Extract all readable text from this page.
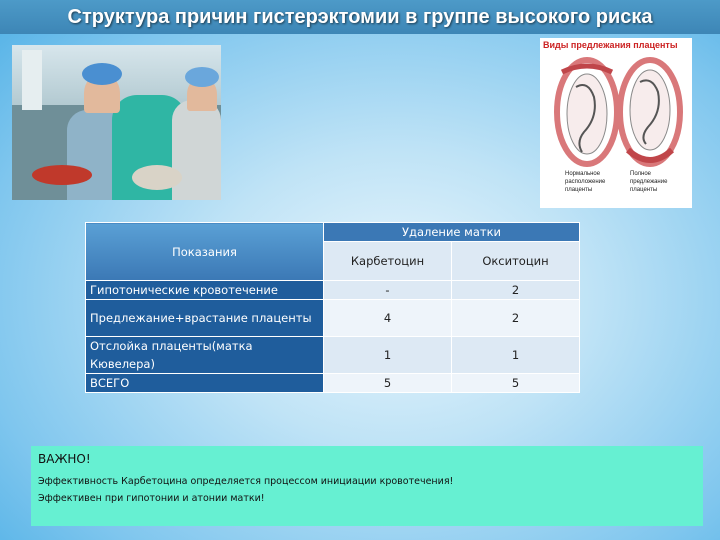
Структура причин гистерэктомии в группе высокого риска
Виды предлежания плаценты
Нормальное расположение плаценты
Полное предлежание плаценты
Показания	Удаление матки	
	Карбетоцин	Окситоцин
Гипотонические кровотечение	-	2
Предлежание+врастание плаценты	4	2
Отслойка плаценты(матка Кювелера)	1	1
ВСЕГО	5	5
ВАЖНО!
Эффективность Карбетоцина определяется процессом инициации кровотечения!
Эффективен при гипотонии и атонии матки!
